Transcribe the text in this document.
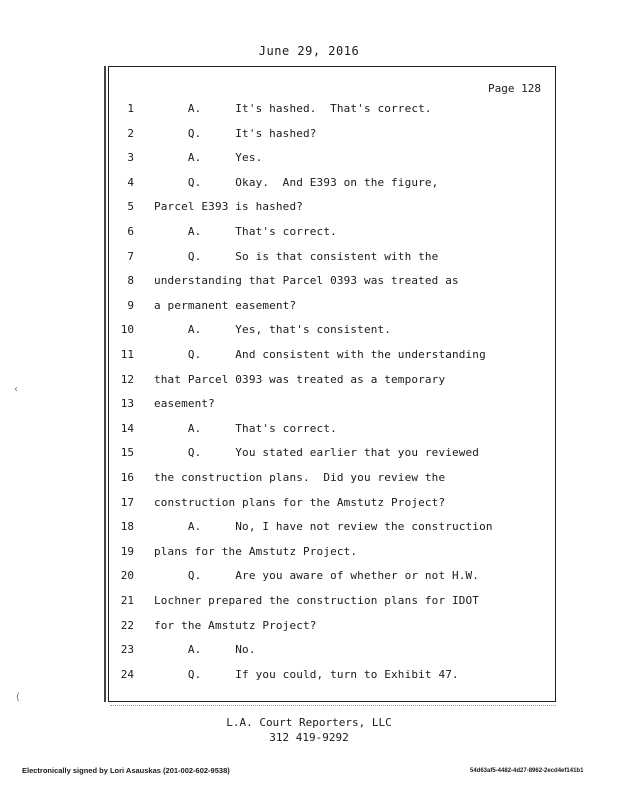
June 29, 2016
Page 128
1 A.     It's hashed.  That's correct.
2 Q.     It's hashed?
3 A.     Yes.
4 Q.     Okay.  And E393 on the figure,
5 Parcel E393 is hashed?
6 A.     That's correct.
7 Q.     So is that consistent with the
8 understanding that Parcel 0393 was treated as
9 a permanent easement?
10 A.     Yes, that's consistent.
11 Q.     And consistent with the understanding
12 that Parcel 0393 was treated as a temporary
13 easement?
14 A.     That's correct.
15 Q.     You stated earlier that you reviewed
16 the construction plans.  Did you review the
17 construction plans for the Amstutz Project?
18 A.     No, I have not review the construction
19 plans for the Amstutz Project.
20 Q.     Are you aware of whether or not H.W.
21 Lochner prepared the construction plans for IDOT
22 for the Amstutz Project?
23 A.     No.
24 Q.     If you could, turn to Exhibit 47.
L.A. Court Reporters, LLC
312 419-9292
Electronically signed by Lori Asauskas (201-002-602-9538)	54d63af5-4482-4d27-8962-2ecd4ef141b1
‹
(
